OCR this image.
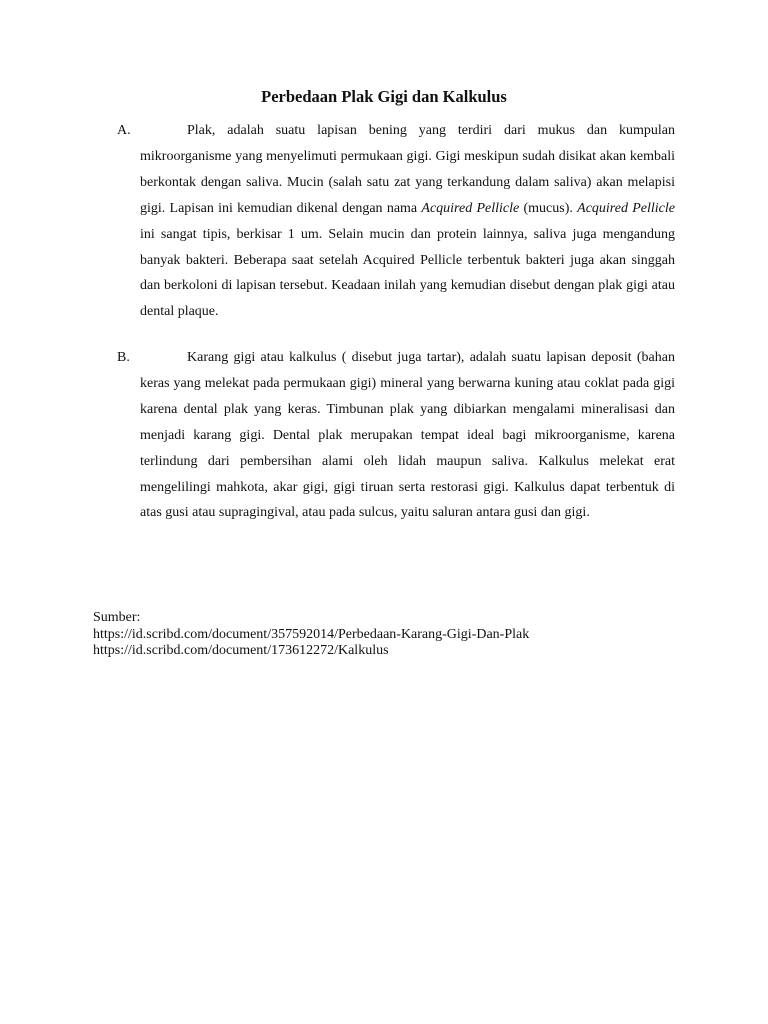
Perbedaan Plak Gigi dan Kalkulus
A.	Plak, adalah suatu lapisan bening yang terdiri dari mukus dan kumpulan mikroorganisme yang menyelimuti permukaan gigi. Gigi meskipun sudah disikat akan kembali berkontak dengan saliva. Mucin (salah satu zat yang terkandung dalam saliva) akan melapisi gigi. Lapisan ini kemudian dikenal dengan nama Acquired Pellicle (mucus). Acquired Pellicle ini sangat tipis, berkisar 1 um. Selain mucin dan protein lainnya, saliva juga mengandung banyak bakteri. Beberapa saat setelah Acquired Pellicle terbentuk bakteri juga akan singgah dan berkoloni di lapisan tersebut. Keadaan inilah yang kemudian disebut dengan plak gigi atau dental plaque.

B.	Karang gigi atau kalkulus ( disebut juga tartar), adalah suatu lapisan deposit (bahan keras yang melekat pada permukaan gigi) mineral yang berwarna kuning atau coklat pada gigi karena dental plak yang keras. Timbunan plak yang dibiarkan mengalami mineralisasi dan menjadi karang gigi. Dental plak merupakan tempat ideal bagi mikroorganisme, karena terlindung dari pembersihan alami oleh lidah maupun saliva. Kalkulus melekat erat mengelilingi mahkota, akar gigi, gigi tiruan serta restorasi gigi. Kalkulus dapat terbentuk di atas gusi atau supragingival, atau pada sulcus, yaitu saluran antara gusi dan gigi.

Sumber:
https://id.scribd.com/document/357592014/Perbedaan-Karang-Gigi-Dan-Plak
https://id.scribd.com/document/173612272/Kalkulus
